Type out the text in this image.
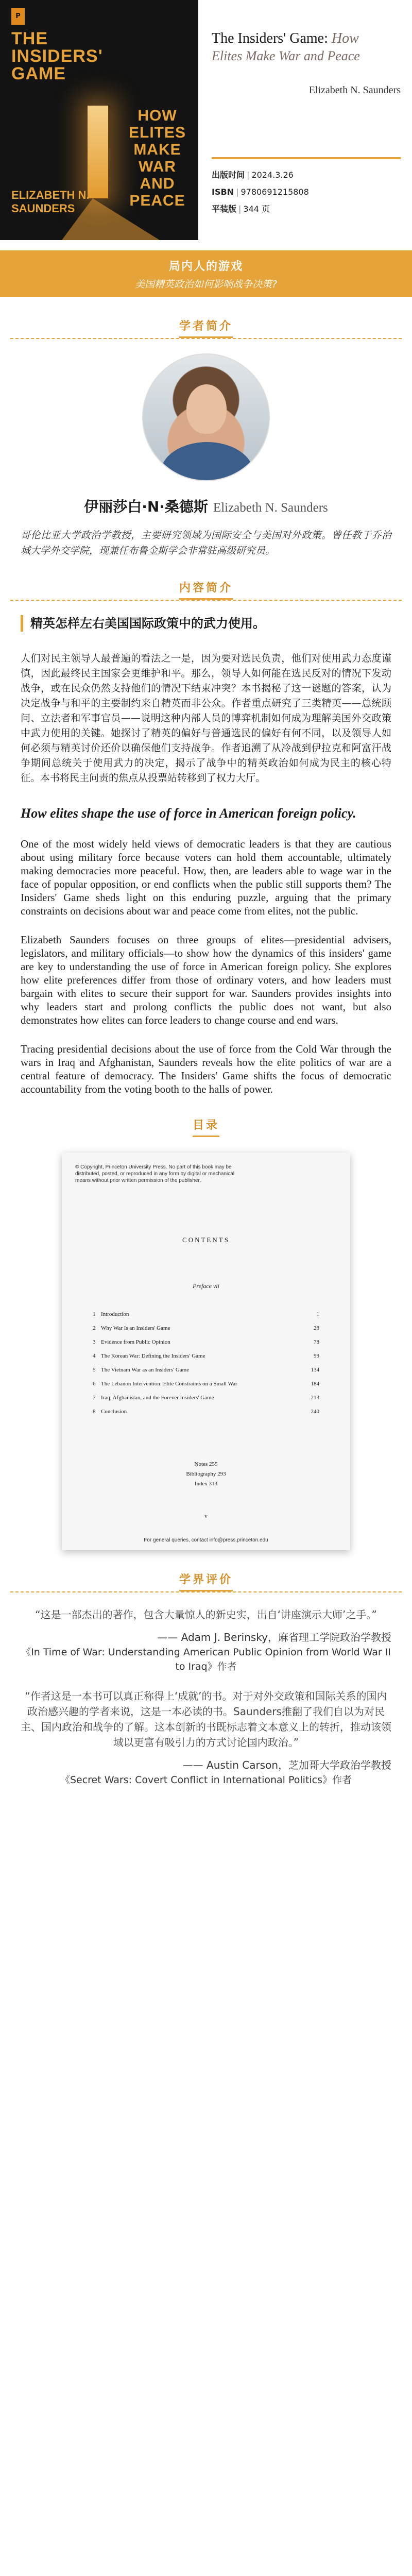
P
THE
INSIDERS'
GAME
HOW
ELITES
MAKE
WAR
AND
PEACE
ELIZABETH N.
SAUNDERS
The Insiders' Game: How
Elites Make War and Peace
Elizabeth N. Saunders
出版时间 | 2024.3.26
ISBN | 9780691215808
平装版 | 344 页
局内人的游戏
美国精英政治如何影响战争决策?
学者简介
伊丽莎白·N·桑德斯 Elizabeth N. Saunders

哥伦比亚大学政治学教授，主要研究领域为国际安全与美国对外政策。曾任教于乔治城大学外交学院，现兼任布鲁金斯学会非常驻高级研究员。

内容简介
精英怎样左右美国国际政策中的武力使用。

人们对民主领导人最普遍的看法之一是，因为要对选民负责，他们对使用武力态度谨慎，因此最终民主国家会更维护和平。那么，领导人如何能在选民反对的情况下发动战争，或在民众仍然支持他们的情况下结束冲突？本书揭秘了这一谜题的答案，认为决定战争与和平的主要制约来自精英而非公众。作者重点研究了三类精英——总统顾问、立法者和军事官员——说明这种内部人员的博弈机制如何成为理解美国外交政策中武力使用的关键。她探讨了精英的偏好与普通选民的偏好有何不同，以及领导人如何必须与精英讨价还价以确保他们支持战争。作者追溯了从冷战到伊拉克和阿富汗战争期间总统关于使用武力的决定，揭示了战争中的精英政治如何成为民主的核心特征。本书将民主问责的焦点从投票站转移到了权力大厅。

How elites shape the use of force in American foreign policy.

One of the most widely held views of democratic leaders is that they are cautious about using military force because voters can hold them accountable, ultimately making democracies more peaceful. How, then, are leaders able to wage war in the face of popular opposition, or end conflicts when the public still supports them? The Insiders' Game sheds light on this enduring puzzle, arguing that the primary constraints on decisions about war and peace come from elites, not the public.

Elizabeth Saunders focuses on three groups of elites—presidential advisers, legislators, and military officials—to show how the dynamics of this insiders' game are key to understanding the use of force in American foreign policy. She explores how elite preferences differ from those of ordinary voters, and how leaders must bargain with elites to secure their support for war. Saunders provides insights into why leaders start and prolong conflicts the public does not want, but also demonstrates how elites can force leaders to change course and end wars.

Tracing presidential decisions about the use of force from the Cold War through the wars in Iraq and Afghanistan, Saunders reveals how the elite politics of war are a central feature of democracy. The Insiders' Game shifts the focus of democratic accountability from the voting booth to the halls of power.

目录
© Copyright, Princeton University Press. No part of this book may be distributed, posted, or reproduced in any form by digital or mechanical means without prior written permission of the publisher.
CONTENTS
Preface vii
1 Introduction	1
2 Why War Is an Insiders' Game	28
3 Evidence from Public Opinion	78
4 The Korean War: Defining the Insiders' Game	99
5 The Vietnam War as an Insiders' Game	134
6 The Lebanon Intervention: Elite Constraints on a Small War	184
7 Iraq, Afghanistan, and the Forever Insiders' Game	213
8 Conclusion	240
Notes 255
Bibliography 293
Index 313
v
For general queries, contact info@press.princeton.edu
学界评价
“这是一部杰出的著作，包含大量惊人的新史实，出自‘讲座演示大师’之手。”
—— Adam J. Berinsky，麻省理工学院政治学教授
《In Time of War: Understanding American Public Opinion from World War II to Iraq》作者
“作者这是一本书可以真正称得上‘成就’的书。对于对外交政策和国际关系的国内政治感兴趣的学者来说，这是一本必读的书。Saunders推翻了我们自以为对民主、国内政治和战争的了解。这本创新的书既标志着文本意义上的转折，推动该领域以更富有吸引力的方式讨论国内政治。”
—— Austin Carson，芝加哥大学政治学教授
《Secret Wars: Covert Conflict in International Politics》作者
